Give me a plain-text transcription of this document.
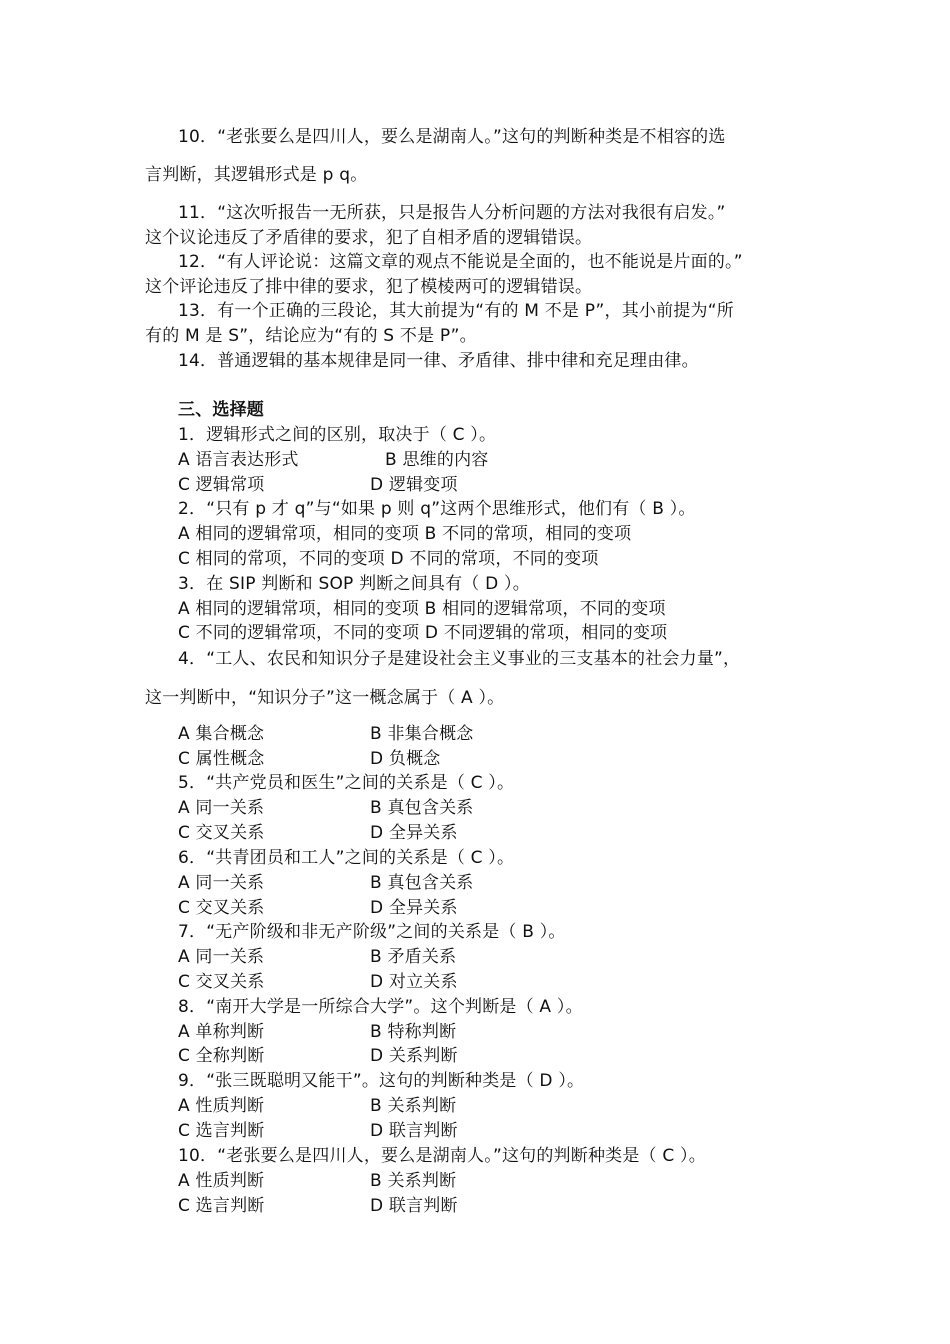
10．“老张要么是四川人，要么是湖南人。”这句的判断种类是不相容的选
言判断，其逻辑形式是 p q。
11．“这次听报告一无所获，只是报告人分析问题的方法对我很有启发。”
这个议论违反了矛盾律的要求，犯了自相矛盾的逻辑错误。
12．“有人评论说：这篇文章的观点不能说是全面的，也不能说是片面的。”
这个评论违反了排中律的要求，犯了模棱两可的逻辑错误。
13．有一个正确的三段论，其大前提为“有的 M 不是 P”，其小前提为“所
有的 M 是 S”，结论应为“有的 S 不是 P”。
14．普通逻辑的基本规律是同一律、矛盾律、排中律和充足理由律。
三、选择题
1．逻辑形式之间的区别，取决于（ C ）。
A 语言表达形式	B 思维的内容
C 逻辑常项	D 逻辑变项
2．“只有 p 才 q”与“如果 p 则 q”这两个思维形式，他们有（ B ）。
A 相同的逻辑常项，相同的变项 B 不同的常项，相同的变项
C 相同的常项，不同的变项 D 不同的常项，不同的变项
3．在 SIP 判断和 SOP 判断之间具有（ D ）。
A 相同的逻辑常项，相同的变项 B 相同的逻辑常项，不同的变项
C 不同的逻辑常项，不同的变项 D 不同逻辑的常项，相同的变项
4．“工人、农民和知识分子是建设社会主义事业的三支基本的社会力量”，
这一判断中，“知识分子”这一概念属于（ A ）。
A 集合概念	B 非集合概念
C 属性概念	D 负概念
5．“共产党员和医生”之间的关系是（ C ）。
A 同一关系	B 真包含关系
C 交叉关系	D 全异关系
6．“共青团员和工人”之间的关系是（ C ）。
A 同一关系	B 真包含关系
C 交叉关系	D 全异关系
7．“无产阶级和非无产阶级”之间的关系是（ B ）。
A 同一关系	B 矛盾关系
C 交叉关系	D 对立关系
8．“南开大学是一所综合大学”。这个判断是（ A ）。
A 单称判断	B 特称判断
C 全称判断	D 关系判断
9．“张三既聪明又能干”。这句的判断种类是（ D ）。
A 性质判断	B 关系判断
C 选言判断	D 联言判断
10．“老张要么是四川人，要么是湖南人。”这句的判断种类是（ C ）。
A 性质判断	B 关系判断
C 选言判断	D 联言判断
